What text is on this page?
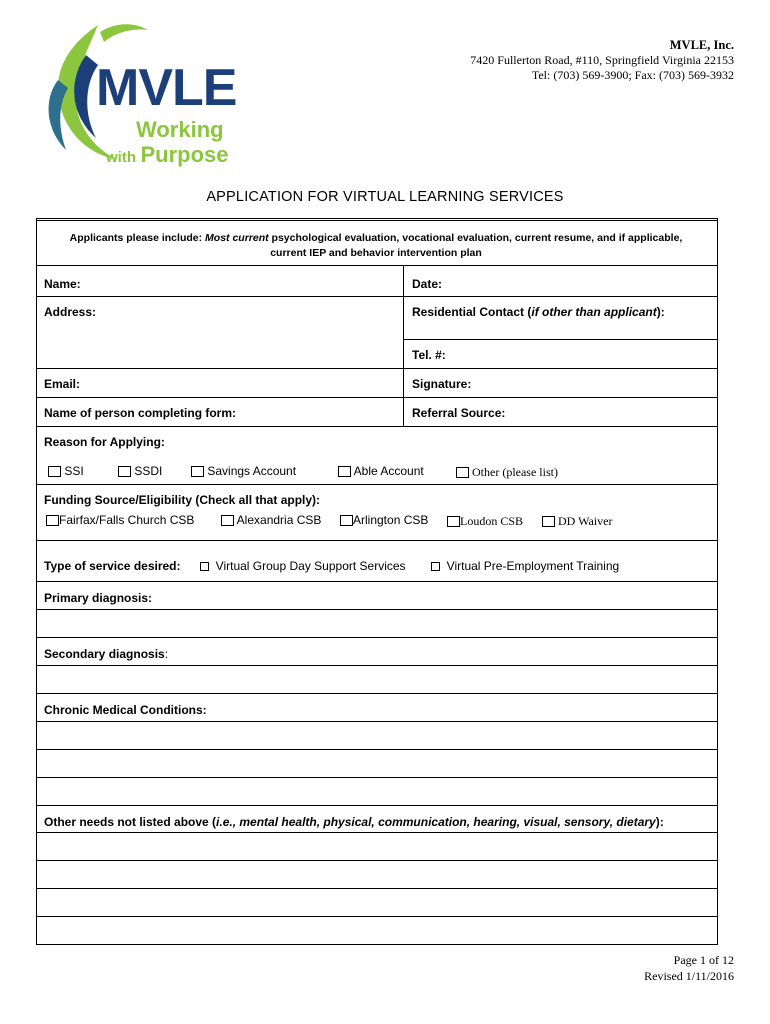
MVLE
Working
with Purpose
MVLE, Inc.
7420 Fullerton Road, #110, Springfield Virginia 22153
Tel: (703) 569-3900; Fax: (703) 569-3932
APPLICATION FOR VIRTUAL LEARNING SERVICES
Applicants please include: Most current psychological evaluation, vocational evaluation, current resume, and if applicable,
current IEP and behavior intervention plan
Name:	Date:
Address:	Residential Contact (if other than applicant):
Tel. #:
Email:	Signature:
Name of person completing form:	Referral Source:
Reason for Applying:
SSI	SSDI	Savings Account	Able Account	Other (please list)
Funding Source/Eligibility (Check all that apply):
Fairfax/Falls Church CSB	Alexandria CSB	Arlington CSB	Loudon CSB	DD Waiver
Type of service desired:	Virtual Group Day Support Services	Virtual Pre-Employment Training
Primary diagnosis:
Secondary diagnosis:
Chronic Medical Conditions:
Other needs not listed above (i.e., mental health, physical, communication, hearing, visual, sensory, dietary):
Page 1 of 12
Revised 1/11/2016
